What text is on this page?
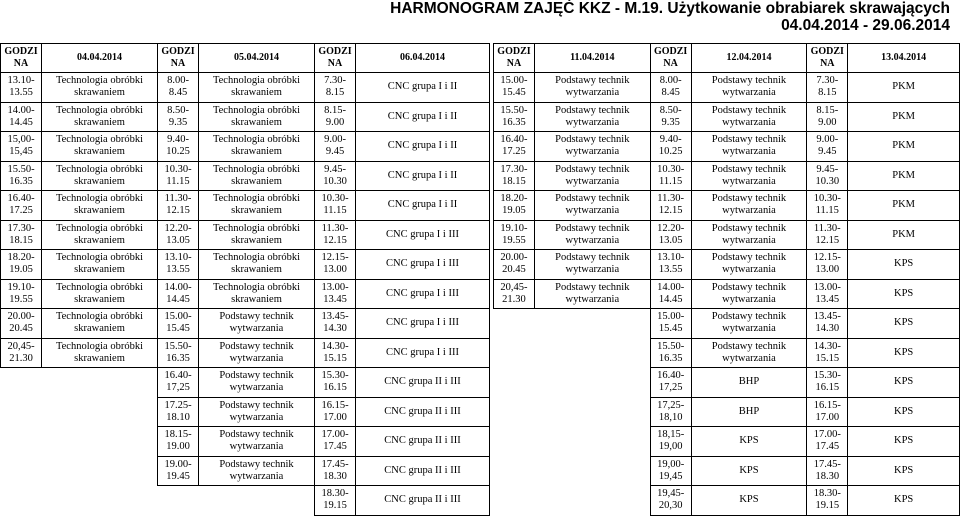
HARMONOGRAM ZAJĘĆ KKZ - M.19. Użytkowanie obrabiarek skrawających
04.04.2014 - 29.06.2014
GODZI NA	04.04.2014	GODZI NA	05.04.2014	GODZI NA	06.04.2014
13.10- 13.55	Technologia obróbki skrawaniem	8.00- 8.45	Technologia obróbki skrawaniem	7.30- 8.15	CNC grupa I i II
14.00- 14.45	Technologia obróbki skrawaniem	8.50- 9.35	Technologia obróbki skrawaniem	8.15- 9.00	CNC grupa I i II
15,00- 15,45	Technologia obróbki skrawaniem	9.40- 10.25	Technologia obróbki skrawaniem	9.00- 9.45	CNC grupa I i II
15.50- 16.35	Technologia obróbki skrawaniem	10.30- 11.15	Technologia obróbki skrawaniem	9.45- 10.30	CNC grupa I i II
16.40- 17.25	Technologia obróbki skrawaniem	11.30- 12.15	Technologia obróbki skrawaniem	10.30- 11.15	CNC grupa I i II
17.30- 18.15	Technologia obróbki skrawaniem	12.20- 13.05	Technologia obróbki skrawaniem	11.30- 12.15	CNC grupa I i III
18.20- 19.05	Technologia obróbki skrawaniem	13.10- 13.55	Technologia obróbki skrawaniem	12.15- 13.00	CNC grupa I i III
19.10- 19.55	Technologia obróbki skrawaniem	14.00- 14.45	Technologia obróbki skrawaniem	13.00- 13.45	CNC grupa I i III
20.00- 20.45	Technologia obróbki skrawaniem	15.00- 15.45	Podstawy technik wytwarzania	13.45- 14.30	CNC grupa I i III
20,45- 21.30	Technologia obróbki skrawaniem	15.50- 16.35	Podstawy technik wytwarzania	14.30- 15.15	CNC grupa I i III
		16.40- 17,25	Podstawy technik wytwarzania	15.30- 16.15	CNC grupa II i III
		17.25- 18.10	Podstawy technik wytwarzania	16.15- 17.00	CNC grupa II i III
		18.15- 19.00	Podstawy technik wytwarzania	17.00- 17.45	CNC grupa II i III
		19.00- 19.45	Podstawy technik wytwarzania	17.45- 18.30	CNC grupa II i III
				18.30- 19.15	CNC grupa II i III
GODZI NA	11.04.2014	GODZI NA	12.04.2014	GODZI NA	13.04.2014
15.00- 15.45	Podstawy technik wytwarzania	8.00- 8.45	Podstawy technik wytwarzania	7.30- 8.15	PKM
15.50- 16.35	Podstawy technik wytwarzania	8.50- 9.35	Podstawy technik wytwarzania	8.15- 9.00	PKM
16.40- 17.25	Podstawy technik wytwarzania	9.40- 10.25	Podstawy technik wytwarzania	9.00- 9.45	PKM
17.30- 18.15	Podstawy technik wytwarzania	10.30- 11.15	Podstawy technik wytwarzania	9.45- 10.30	PKM
18.20- 19.05	Podstawy technik wytwarzania	11.30- 12.15	Podstawy technik wytwarzania	10.30- 11.15	PKM
19.10- 19.55	Podstawy technik wytwarzania	12.20- 13.05	Podstawy technik wytwarzania	11.30- 12.15	PKM
20.00- 20.45	Podstawy technik wytwarzania	13.10- 13.55	Podstawy technik wytwarzania	12.15- 13.00	KPS
20,45- 21.30	Podstawy technik wytwarzania	14.00- 14.45	Podstawy technik wytwarzania	13.00- 13.45	KPS
		15.00- 15.45	Podstawy technik wytwarzania	13.45- 14.30	KPS
		15.50- 16.35	Podstawy technik wytwarzania	14.30- 15.15	KPS
		16.40- 17,25	BHP	15.30- 16.15	KPS
		17,25- 18,10	BHP	16.15- 17.00	KPS
		18,15- 19,00	KPS	17.00- 17.45	KPS
		19,00- 19,45	KPS	17.45- 18.30	KPS
		19,45- 20,30	KPS	18.30- 19.15	KPS
